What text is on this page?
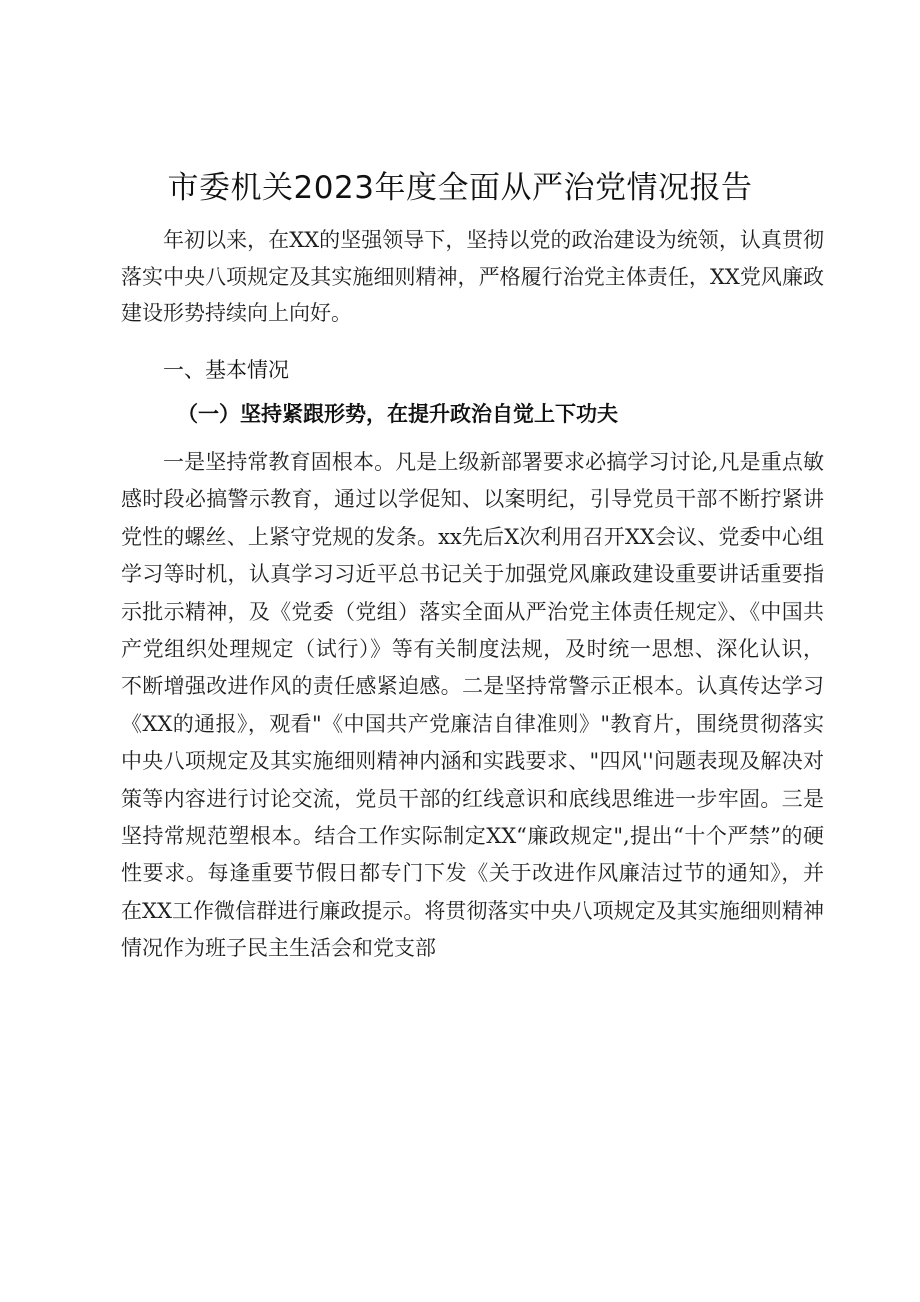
市委机关2023年度全面从严治党情况报告
年初以来，在XX的坚强领导下，坚持以党的政治建设为统领，认真贯彻落实中央八项规定及其实施细则精神，严格履行治党主体责任，XX党风廉政建设形势持续向上向好。
一、基本情况
（一）坚持紧跟形势，在提升政治自觉上下功夫
一是坚持常教育固根本。凡是上级新部署要求必搞学习讨论,凡是重点敏感时段必搞警示教育，通过以学促知、以案明纪，引导党员干部不断拧紧讲党性的螺丝、上紧守党规的发条。xx先后X次利用召开XX会议、党委中心组学习等时机，认真学习习近平总书记关于加强党风廉政建设重要讲话重要指示批示精神，及《党委（党组）落实全面从严治党主体责任规定》、《中国共产党组织处理规定（试行）》等有关制度法规，及时统一思想、深化认识，不断增强改进作风的责任感紧迫感。二是坚持常警示正根本。认真传达学习《XX的通报》，观看"《中国共产党廉洁自律准则》"教育片，围绕贯彻落实中央八项规定及其实施细则精神内涵和实践要求、"四风''问题表现及解决对策等内容进行讨论交流，党员干部的红线意识和底线思维进一步牢固。三是坚持常规范塑根本。结合工作实际制定XX“廉政规定",提出“十个严禁”的硬性要求。每逢重要节假日都专门下发《关于改进作风廉洁过节的通知》，并在XX工作微信群进行廉政提示。将贯彻落实中央八项规定及其实施细则精神情况作为班子民主生活会和党支部
